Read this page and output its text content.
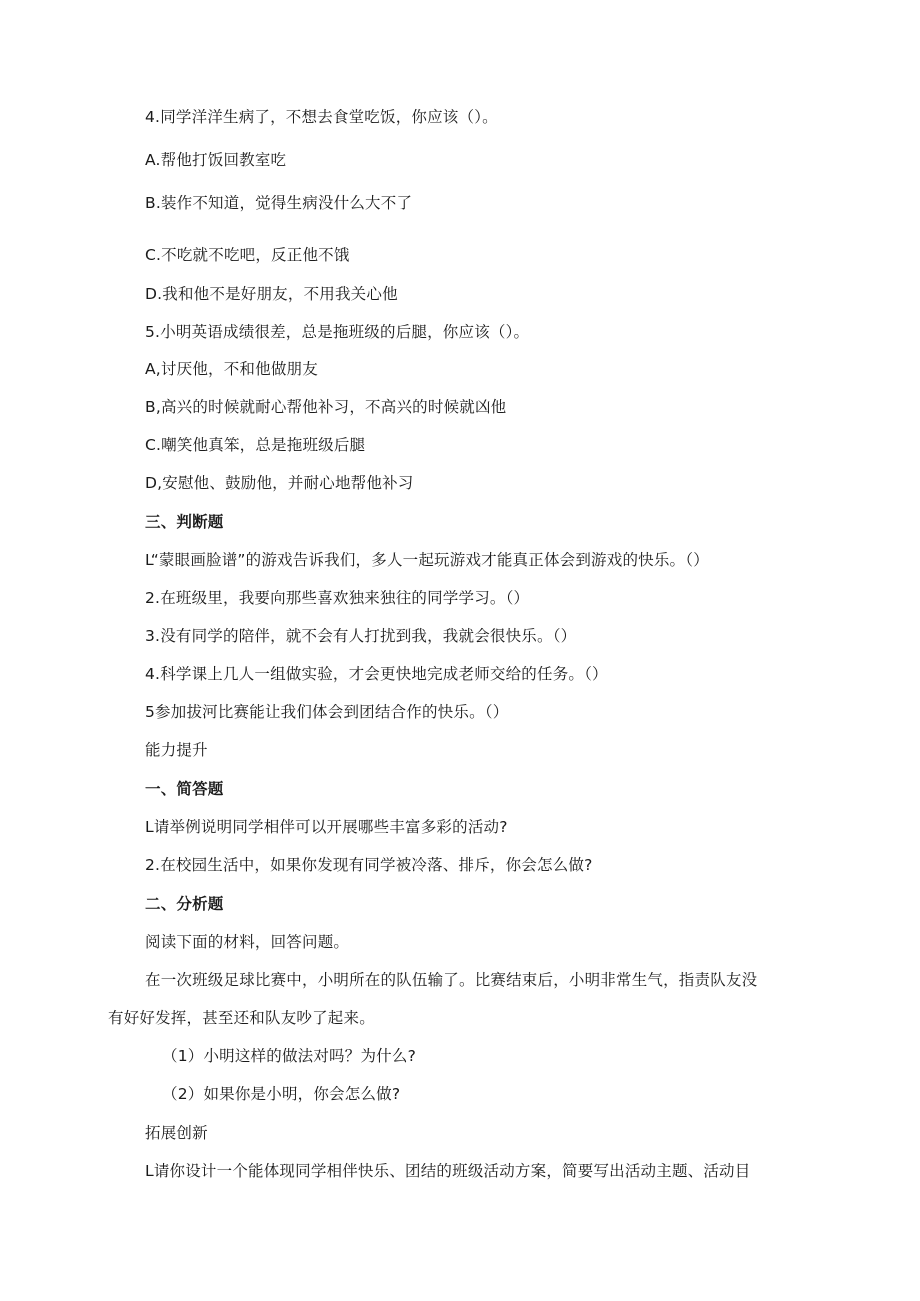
4.同学洋洋生病了，不想去食堂吃饭，你应该（）。
A.帮他打饭回教室吃
B.装作不知道，觉得生病没什么大不了
C.不吃就不吃吧，反正他不饿
D.我和他不是好朋友，不用我关心他
5.小明英语成绩很差，总是拖班级的后腿，你应该（）。
A,讨厌他，不和他做朋友
B,高兴的时候就耐心帮他补习，不高兴的时候就凶他
C.嘲笑他真笨，总是拖班级后腿
D,安慰他、鼓励他，并耐心地帮他补习
三、判断题
L“蒙眼画脸谱”的游戏告诉我们，多人一起玩游戏才能真正体会到游戏的快乐。（）
2.在班级里，我要向那些喜欢独来独往的同学学习。（）
3.没有同学的陪伴，就不会有人打扰到我，我就会很快乐。（）
4.科学课上几人一组做实验，才会更快地完成老师交给的任务。（）
5参加拔河比赛能让我们体会到团结合作的快乐。（）
能力提升
一、简答题
L请举例说明同学相伴可以开展哪些丰富多彩的活动?
2.在校园生活中，如果你发现有同学被冷落、排斥，你会怎么做?
二、分析题
阅读下面的材料，回答问题。
在一次班级足球比赛中，小明所在的队伍输了。比赛结束后，小明非常生气，指责队友没
有好好发挥，甚至还和队友吵了起来。
（1）小明这样的做法对吗？为什么?
（2）如果你是小明，你会怎么做?
拓展创新
L请你设计一个能体现同学相伴快乐、团结的班级活动方案，简要写出活动主题、活动目
